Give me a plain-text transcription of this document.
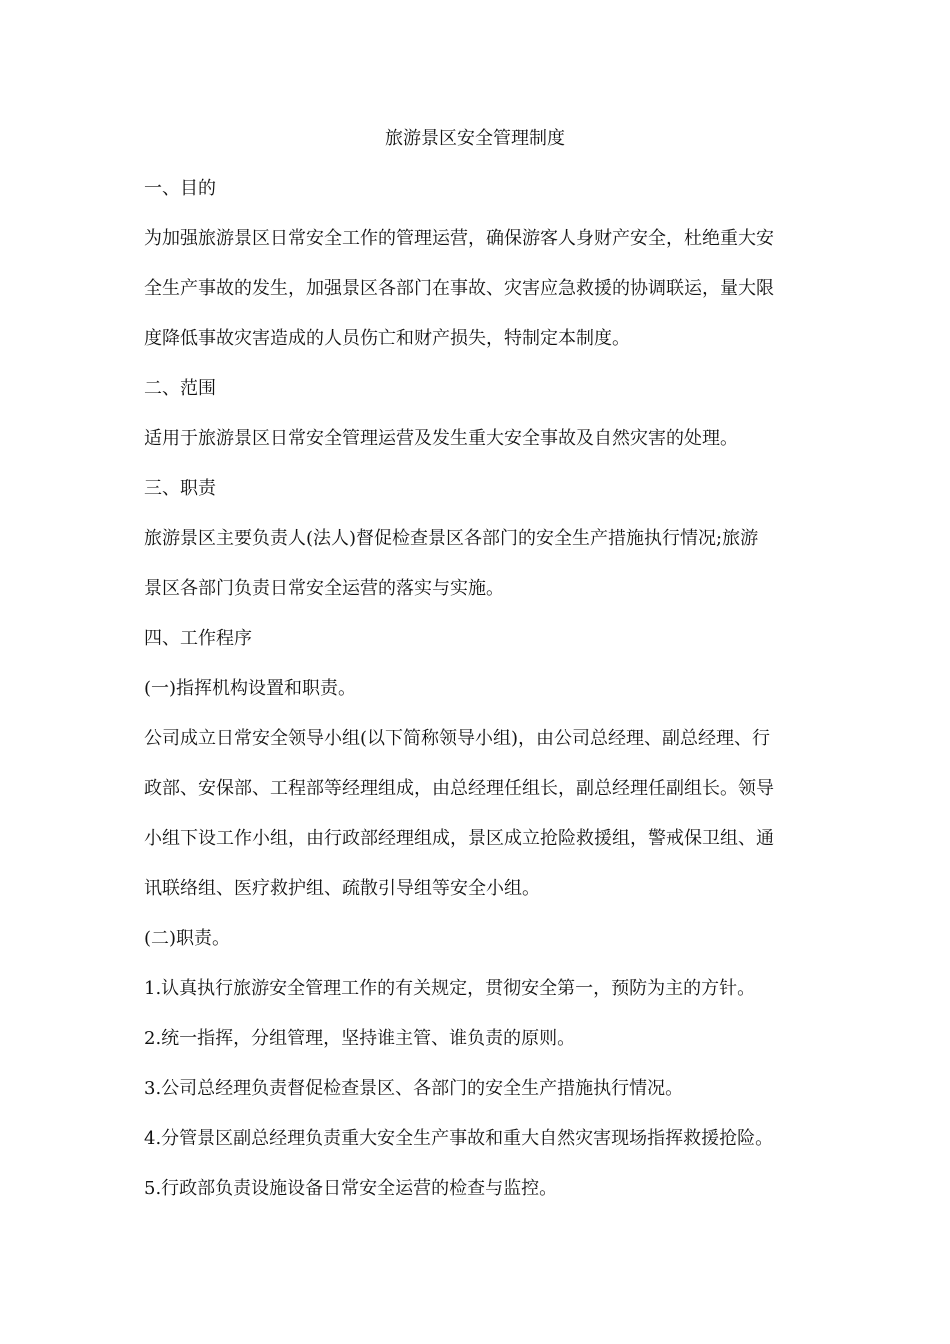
旅游景区安全管理制度
一、目的
为加强旅游景区日常安全工作的管理运营，确保游客人身财产安全，杜绝重大安
全生产事故的发生，加强景区各部门在事故、灾害应急救援的协调联运，量大限
度降低事故灾害造成的人员伤亡和财产损失，特制定本制度。
二、范围
适用于旅游景区日常安全管理运营及发生重大安全事故及自然灾害的处理。
三、职责
旅游景区主要负责人(法人)督促检查景区各部门的安全生产措施执行情况;旅游
景区各部门负责日常安全运营的落实与实施。
四、工作程序
(一)指挥机构设置和职责。
公司成立日常安全领导小组(以下简称领导小组)，由公司总经理、副总经理、行
政部、安保部、工程部等经理组成，由总经理任组长，副总经理任副组长。领导
小组下设工作小组，由行政部经理组成，景区成立抢险救援组，警戒保卫组、通
讯联络组、医疗救护组、疏散引导组等安全小组。
(二)职责。
1.认真执行旅游安全管理工作的有关规定，贯彻安全第一，预防为主的方针。
2.统一指挥，分组管理，坚持谁主管、谁负责的原则。
3.公司总经理负责督促检查景区、各部门的安全生产措施执行情况。
4.分管景区副总经理负责重大安全生产事故和重大自然灾害现场指挥救援抢险。
5.行政部负责设施设备日常安全运营的检查与监控。
